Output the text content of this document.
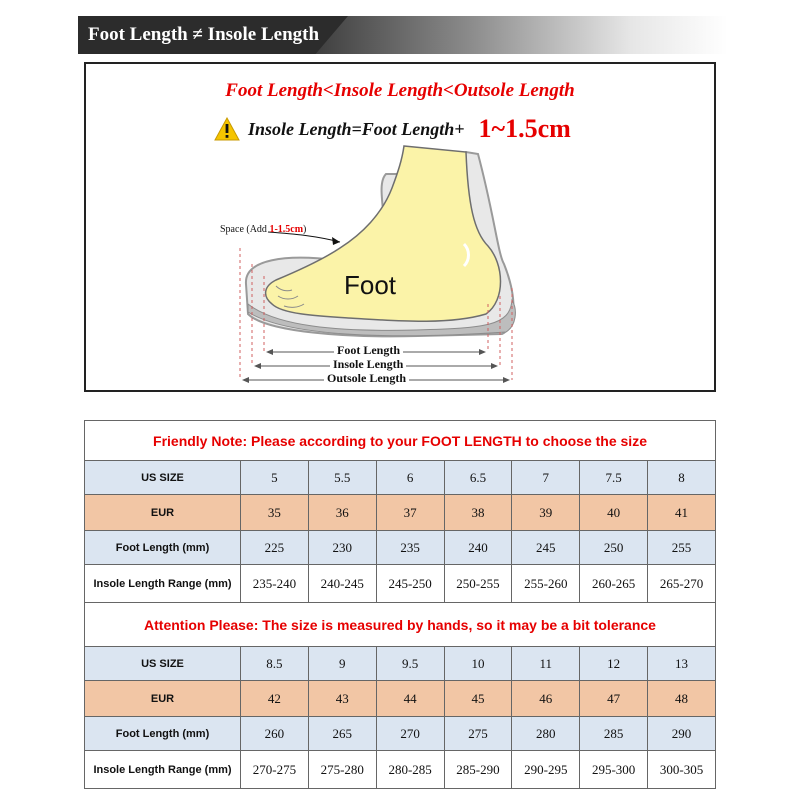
Foot Length ≠ Insole Length
Foot Length<Insole Length<Outsole Length
Insole Length=Foot Length+ 1~1.5cm
Space (Add 1-1.5cm)
Foot
Foot Length
Insole Length
Outsole Length
Friendly Note: Please according to your FOOT LENGTH to choose the size							
US SIZE	5	5.5	6	6.5	7	7.5	8
EUR	35	36	37	38	39	40	41
Foot Length (mm)	225	230	235	240	245	250	255
Insole Length Range (mm)	235-240	240-245	245-250	250-255	255-260	260-265	265-270
Attention Please: The size is measured by hands, so it may be a bit tolerance							
US SIZE	8.5	9	9.5	10	11	12	13
EUR	42	43	44	45	46	47	48
Foot Length (mm)	260	265	270	275	280	285	290
Insole Length Range (mm)	270-275	275-280	280-285	285-290	290-295	295-300	300-305
